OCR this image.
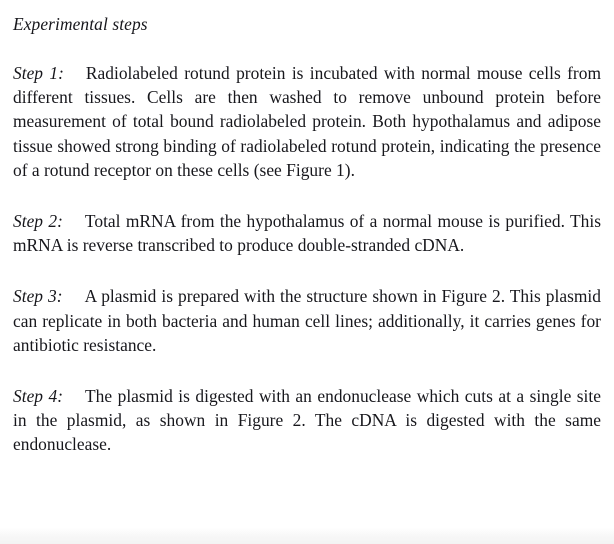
Experimental steps

Step 1: Radiolabeled rotund protein is incubated with normal mouse cells from different tissues. Cells are then washed to remove unbound protein before measurement of total bound radiolabeled protein. Both hypothalamus and adipose tissue showed strong binding of radiolabeled rotund protein, indicating the presence of a rotund receptor on these cells (see Figure 1).

Step 2: Total mRNA from the hypothalamus of a normal mouse is purified. This mRNA is reverse transcribed to produce double-stranded cDNA.

Step 3: A plasmid is prepared with the structure shown in Figure 2. This plasmid can replicate in both bacteria and human cell lines; additionally, it carries genes for antibiotic resistance.

Step 4: The plasmid is digested with an endonuclease which cuts at a single site in the plasmid, as shown in Figure 2. The cDNA is digested with the same endonuclease.
